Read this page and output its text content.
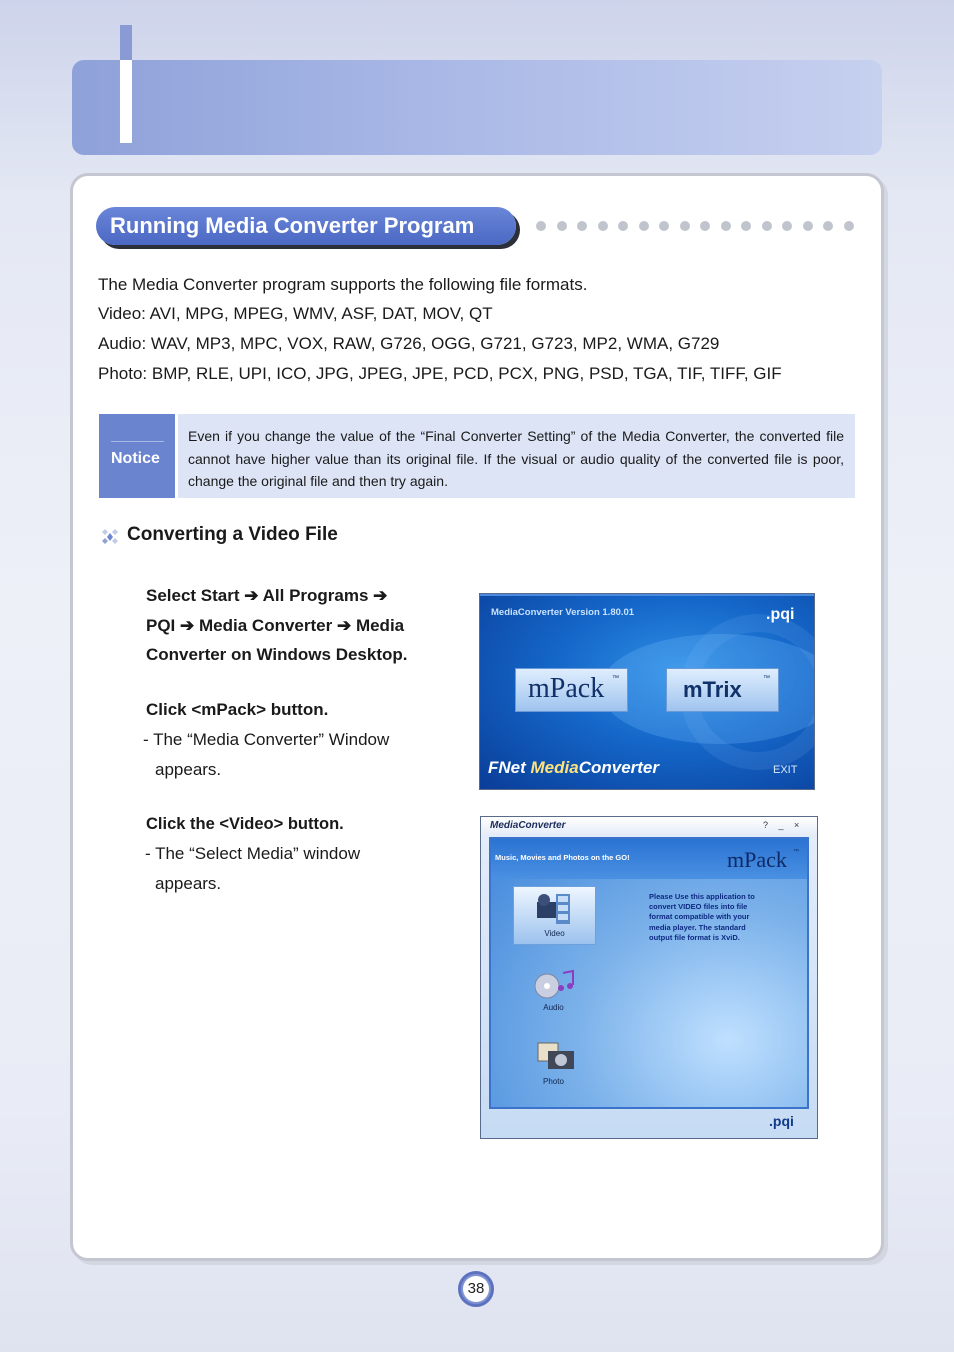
Running Media Converter Program
The Media Converter program supports the following file formats.
Video: AVI, MPG, MPEG, WMV, ASF, DAT, MOV, QT
Audio: WAV, MP3, MPC, VOX, RAW, G726, OGG, G721, G723, MP2, WMA, G729
Photo: BMP, RLE, UPI, ICO, JPG, JPEG, JPE, PCD, PCX, PNG, PSD, TGA, TIF, TIFF, GIF
Notice
Even if you change the value of the “Final Converter Setting” of the Media Converter, the converted file cannot have higher value than its original file. If the visual or audio quality of the converted file is poor, change the original file and then try again.
Converting a Video File
Select Start ➔ All Programs ➔
PQI ➔ Media Converter ➔ Media
Converter on Windows Desktop.
Click <mPack> button.
- The “Media Converter” Window
appears.
Click the <Video> button.
- The “Select Media” window
appears.
MediaConverter Version 1.80.01	.pqi
mPack ™	mTrix	™
FNet MediaConverter	EXIT
MediaConverter	? _ ×
Music, Movies and Photos on the GO!	mPack ™
Please Use this application to
convert VIDEO files into file
format compatible with your
media player. The standard
output file format is XviD.
Video
Audio
Photo
.pqi
38
